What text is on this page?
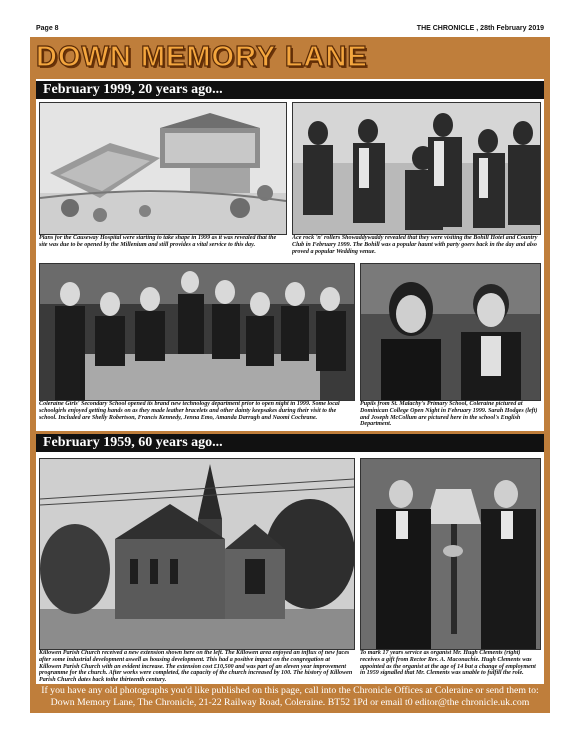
Page 8	THE CHRONICLE , 28th February 2019
DOWN MEMORY LANE
February 1999, 20 years ago...
Plans for the Causeway Hospital were starting to take shape in 1999 as it was revealed that the site was due to be opened by the Millenium and still provides a vital service to this day.
Ace rock 'n' rollers Showaddywaddy revealed that they were visiting the Bohill Hotel and Country Club in February 1999. The Bohill was a popular haunt with party goers back in the day and also proved a popular Wedding venue.
Coleraine Girls' Secondary School opened its brand new technology department prior to open night in 1999. Some local schoolgirls enjoyed getting hands on as they made leather bracelets and other dainty keepsakes during their visit to the school. Included are Shelly Robertson, Francis Kennedy, Jenna Emo, Amanda Darragh and Naomi Cochrane.
Pupils from St. Malachy's Primary School, Coleraine pictured at Dominican College Open Night in February 1999. Sarah Hodges (left) and Joseph McCollum are pictured here in the school's English Department.
February 1959, 60 years ago...
Killowen Parish Church received a new extension shown here on the left. The Killowen area enjoyed an influx of new faces after some industrial development aswell as housing development. This had a positive impact on the congregation at Killowen Parish Church with an evident increase. The extension cost £10,500 and was part of an eleven year improvement programme for the church. After works were completed, the capacity of the church increased by 100. The history of Killowen Parish Church dates back tothe thirteenth century.
To mark 17 years service as organist Mr. Hugh Clements (right) receives a gift from Rector Rev. A. Maconachie. Hugh Clements was appointed as the organist at the age of 14 but a change of employment in 1959 signalled that Mr. Clements was unable to fulfill the role.
If you have any old photographs you'd like published on this page, call into the Chronicle Offices at Coleraine or send them to:
Down Memory Lane, The Chronicle, 21-22 Railway Road, Coleraine. BT52 1Pd or email t0 editor@the chronicle.uk.com
